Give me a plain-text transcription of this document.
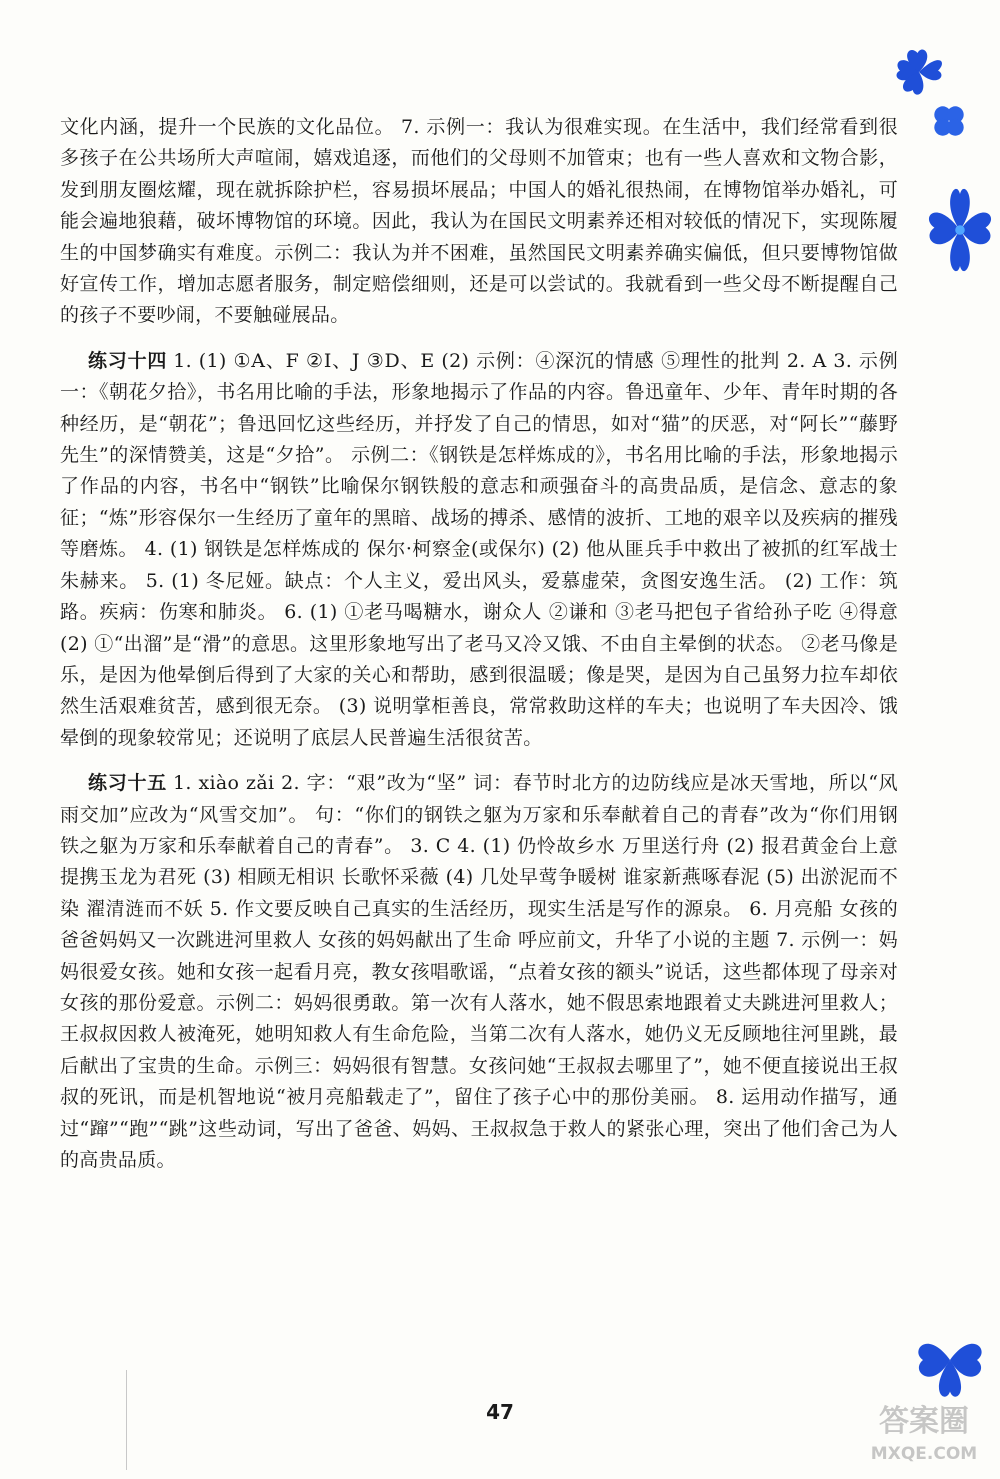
文化内涵，提升一个民族的文化品位。 7. 示例一：我认为很难实现。在生活中，我们经常看到很多孩子在公共场所大声喧闹，嬉戏追逐，而他们的父母则不加管束；也有一些人喜欢和文物合影，发到朋友圈炫耀，现在就拆除护栏，容易损坏展品；中国人的婚礼很热闹，在博物馆举办婚礼，可能会遍地狼藉，破坏博物馆的环境。因此，我认为在国民文明素养还相对较低的情况下，实现陈履生的中国梦确实有难度。示例二：我认为并不困难，虽然国民文明素养确实偏低，但只要博物馆做好宣传工作，增加志愿者服务，制定赔偿细则，还是可以尝试的。我就看到一些父母不断提醒自己的孩子不要吵闹，不要触碰展品。

练习十四 1. (1) ①A、F ②I、J ③D、E (2) 示例：④深沉的情感 ⑤理性的批判 2. A 3. 示例一：《朝花夕拾》，书名用比喻的手法，形象地揭示了作品的内容。鲁迅童年、少年、青年时期的各种经历，是“朝花”；鲁迅回忆这些经历，并抒发了自己的情思，如对“猫”的厌恶，对“阿长”“藤野先生”的深情赞美，这是“夕拾”。 示例二：《钢铁是怎样炼成的》，书名用比喻的手法，形象地揭示了作品的内容，书名中“钢铁”比喻保尔钢铁般的意志和顽强奋斗的高贵品质，是信念、意志的象征；“炼”形容保尔一生经历了童年的黑暗、战场的搏杀、感情的波折、工地的艰辛以及疾病的摧残等磨炼。 4. (1) 钢铁是怎样炼成的 保尔·柯察金(或保尔) (2) 他从匪兵手中救出了被抓的红军战士朱赫来。 5. (1) 冬尼娅。缺点：个人主义，爱出风头，爱慕虚荣，贪图安逸生活。 (2) 工作：筑路。疾病：伤寒和肺炎。 6. (1) ①老马喝糖水，谢众人 ②谦和 ③老马把包子省给孙子吃 ④得意 (2) ①“出溜”是“滑”的意思。这里形象地写出了老马又冷又饿、不由自主晕倒的状态。 ②老马像是乐，是因为他晕倒后得到了大家的关心和帮助，感到很温暖；像是哭，是因为自己虽努力拉车却依然生活艰难贫苦，感到很无奈。 (3) 说明掌柜善良，常常救助这样的车夫；也说明了车夫因冷、饿晕倒的现象较常见；还说明了底层人民普遍生活很贫苦。

练习十五 1. xiào zǎi 2. 字：“艰”改为“坚” 词：春节时北方的边防线应是冰天雪地，所以“风雨交加”应改为“风雪交加”。 句：“你们的钢铁之躯为万家和乐奉献着自己的青春”改为“你们用钢铁之躯为万家和乐奉献着自己的青春”。 3. C 4. (1) 仍怜故乡水 万里送行舟 (2) 报君黄金台上意 提携玉龙为君死 (3) 相顾无相识 长歌怀采薇 (4) 几处早莺争暖树 谁家新燕啄春泥 (5) 出淤泥而不染 濯清涟而不妖 5. 作文要反映自己真实的生活经历，现实生活是写作的源泉。 6. 月亮船 女孩的爸爸妈妈又一次跳进河里救人 女孩的妈妈献出了生命 呼应前文，升华了小说的主题 7. 示例一：妈妈很爱女孩。她和女孩一起看月亮，教女孩唱歌谣，“点着女孩的额头”说话，这些都体现了母亲对女孩的那份爱意。示例二：妈妈很勇敢。第一次有人落水，她不假思索地跟着丈夫跳进河里救人；王叔叔因救人被淹死，她明知救人有生命危险，当第二次有人落水，她仍义无反顾地往河里跳，最后献出了宝贵的生命。示例三：妈妈很有智慧。女孩问她“王叔叔去哪里了”，她不便直接说出王叔叔的死讯，而是机智地说“被月亮船载走了”，留住了孩子心中的那份美丽。 8. 运用动作描写，通过“蹿”“跑”“跳”这些动词，写出了爸爸、妈妈、王叔叔急于救人的紧张心理，突出了他们舍己为人的高贵品质。

47	答案圈
MXQE.COM
